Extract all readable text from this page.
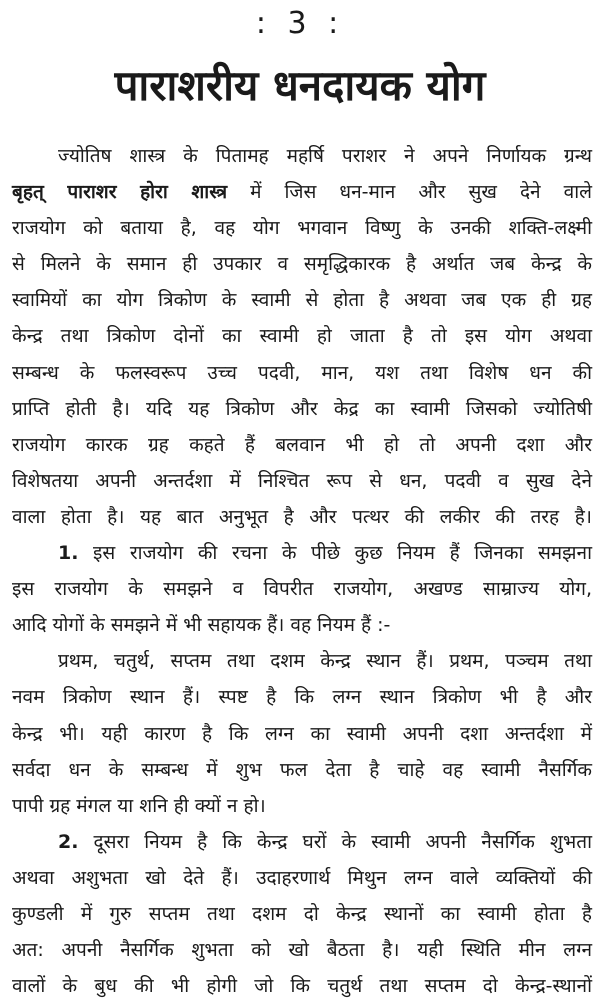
: 3 :
पाराशरीय धनदायक योग
ज्योतिष शास्त्र के पितामह महर्षि पराशर ने अपने निर्णायक ग्रन्थ
बृहत् पाराशर होरा शास्त्र में जिस धन-मान और सुख देने वाले
राजयोग को बताया है, वह योग भगवान विष्णु के उनकी शक्ति-लक्ष्मी
से मिलने के समान ही उपकार व समृद्धिकारक है अर्थात जब केन्द्र के
स्वामियों का योग त्रिकोण के स्वामी से होता है अथवा जब एक ही ग्रह
केन्द्र तथा त्रिकोण दोनों का स्वामी हो जाता है तो इस योग अथवा
सम्बन्ध के फलस्वरूप उच्च पदवी, मान, यश तथा विशेष धन की
प्राप्ति होती है। यदि यह त्रिकोण और केद्र का स्वामी जिसको ज्योतिषी
राजयोग कारक ग्रह कहते हैं बलवान भी हो तो अपनी दशा और
विशेषतया अपनी अन्तर्दशा में निश्चित रूप से धन, पदवी व सुख देने
वाला होता है। यह बात अनुभूत है और पत्थर की लकीर की तरह है।
1. इस राजयोग की रचना के पीछे कुछ नियम हैं जिनका समझना
इस राजयोग के समझने व विपरीत राजयोग, अखण्ड साम्राज्य योग,
आदि योगों के समझने में भी सहायक हैं। वह नियम हैं :-
प्रथम, चतुर्थ, सप्तम तथा दशम केन्द्र स्थान हैं। प्रथम, पञ्चम तथा
नवम त्रिकोण स्थान हैं। स्पष्ट है कि लग्न स्थान त्रिकोण भी है और
केन्द्र भी। यही कारण है कि लग्न का स्वामी अपनी दशा अन्तर्दशा में
सर्वदा धन के सम्बन्ध में शुभ फल देता है चाहे वह स्वामी नैसर्गिक
पापी ग्रह मंगल या शनि ही क्यों न हो।
2. दूसरा नियम है कि केन्द्र घरों के स्वामी अपनी नैसर्गिक शुभता
अथवा अशुभता खो देते हैं। उदाहरणार्थ मिथुन लग्न वाले व्यक्तियों की
कुण्डली में गुरु सप्तम तथा दशम दो केन्द्र स्थानों का स्वामी होता है
अत: अपनी नैसर्गिक शुभता को खो बैठता है। यही स्थिति मीन लग्न
वालों के बुध की भी होगी जो कि चतुर्थ तथा सप्तम दो केन्द्र-स्थानों
